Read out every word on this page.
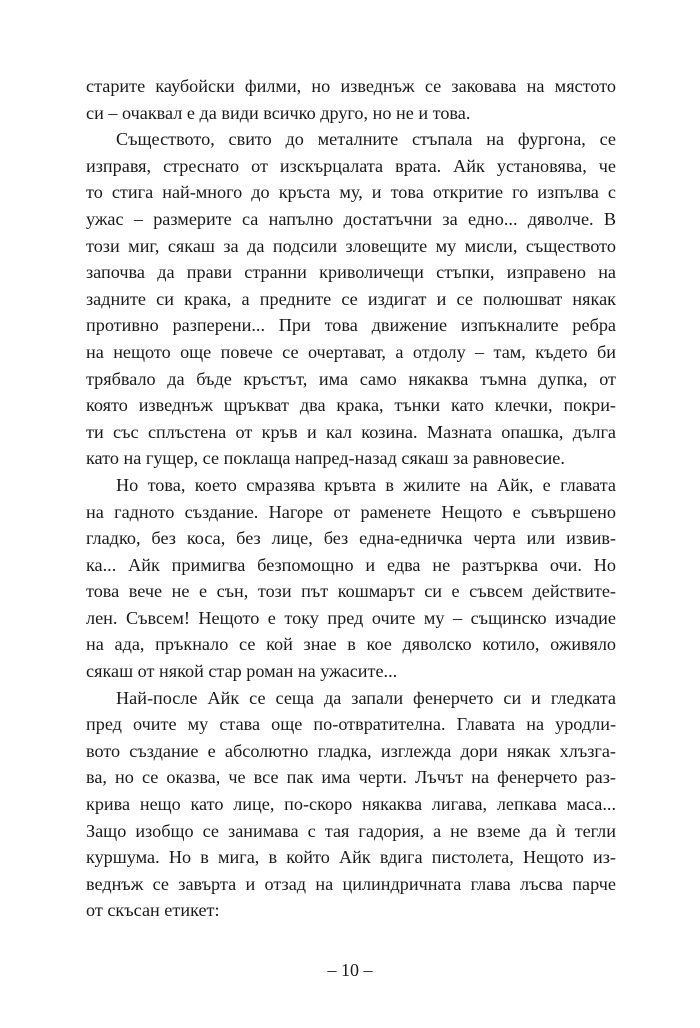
старите каубойски филми, но изведнъж се заковава на мястото
си – очаквал е да види всичко друго, но не и това.
Съществото, свито до металните стъпала на фургона, се
изправя, стреснато от изскърцалата врата. Айк установява, че
то стига най-много до кръста му, и това откритие го изпълва с
ужас – размерите са напълно достатъчни за едно... дяволче. В
този миг, сякаш за да подсили зловещите му мисли, съществото
започва да прави странни криволичещи стъпки, изправено на
задните си крака, а предните се издигат и се полюшват някак
противно разперени... При това движение изпъкналите ребра
на нещото още повече се очертават, а отдолу – там, където би
трябвало да бъде кръстът, има само някаква тъмна дупка, от
която изведнъж щръкват два крака, тънки като клечки, покри-
ти със сплъстена от кръв и кал козина. Мазната опашка, дълга
като на гущер, се поклаща напред-назад сякаш за равновесие.
Но това, което смразява кръвта в жилите на Айк, е главата
на гадното създание. Нагоре от раменете Нещото е съвършено
гладко, без коса, без лице, без една-едничка черта или извив-
ка... Айк примигва безпомощно и едва не разтърква очи. Но
това вече не е сън, този път кошмарът си е съвсем действите-
лен. Съвсем! Нещото е току пред очите му – същинско изчадие
на ада, пръкнало се кой знае в кое дяволско котило, оживяло
сякаш от някой стар роман на ужасите...
Най-после Айк се сеща да запали фенерчето си и гледката
пред очите му става още по-отвратителна. Главата на уродли-
вото създание е абсолютно гладка, изглежда дори някак хлъзга-
ва, но се оказва, че все пак има черти. Лъчът на фенерчето раз-
крива нещо като лице, по-скоро някаква лигава, лепкава маса...
Защо изобщо се занимава с тая гадория, а не вземе да ѝ тегли
куршума. Но в мига, в който Айк вдига пистолета, Нещото из-
веднъж се завърта и отзад на цилиндричната глава лъсва парче
от скъсан етикет:
– 10 –
